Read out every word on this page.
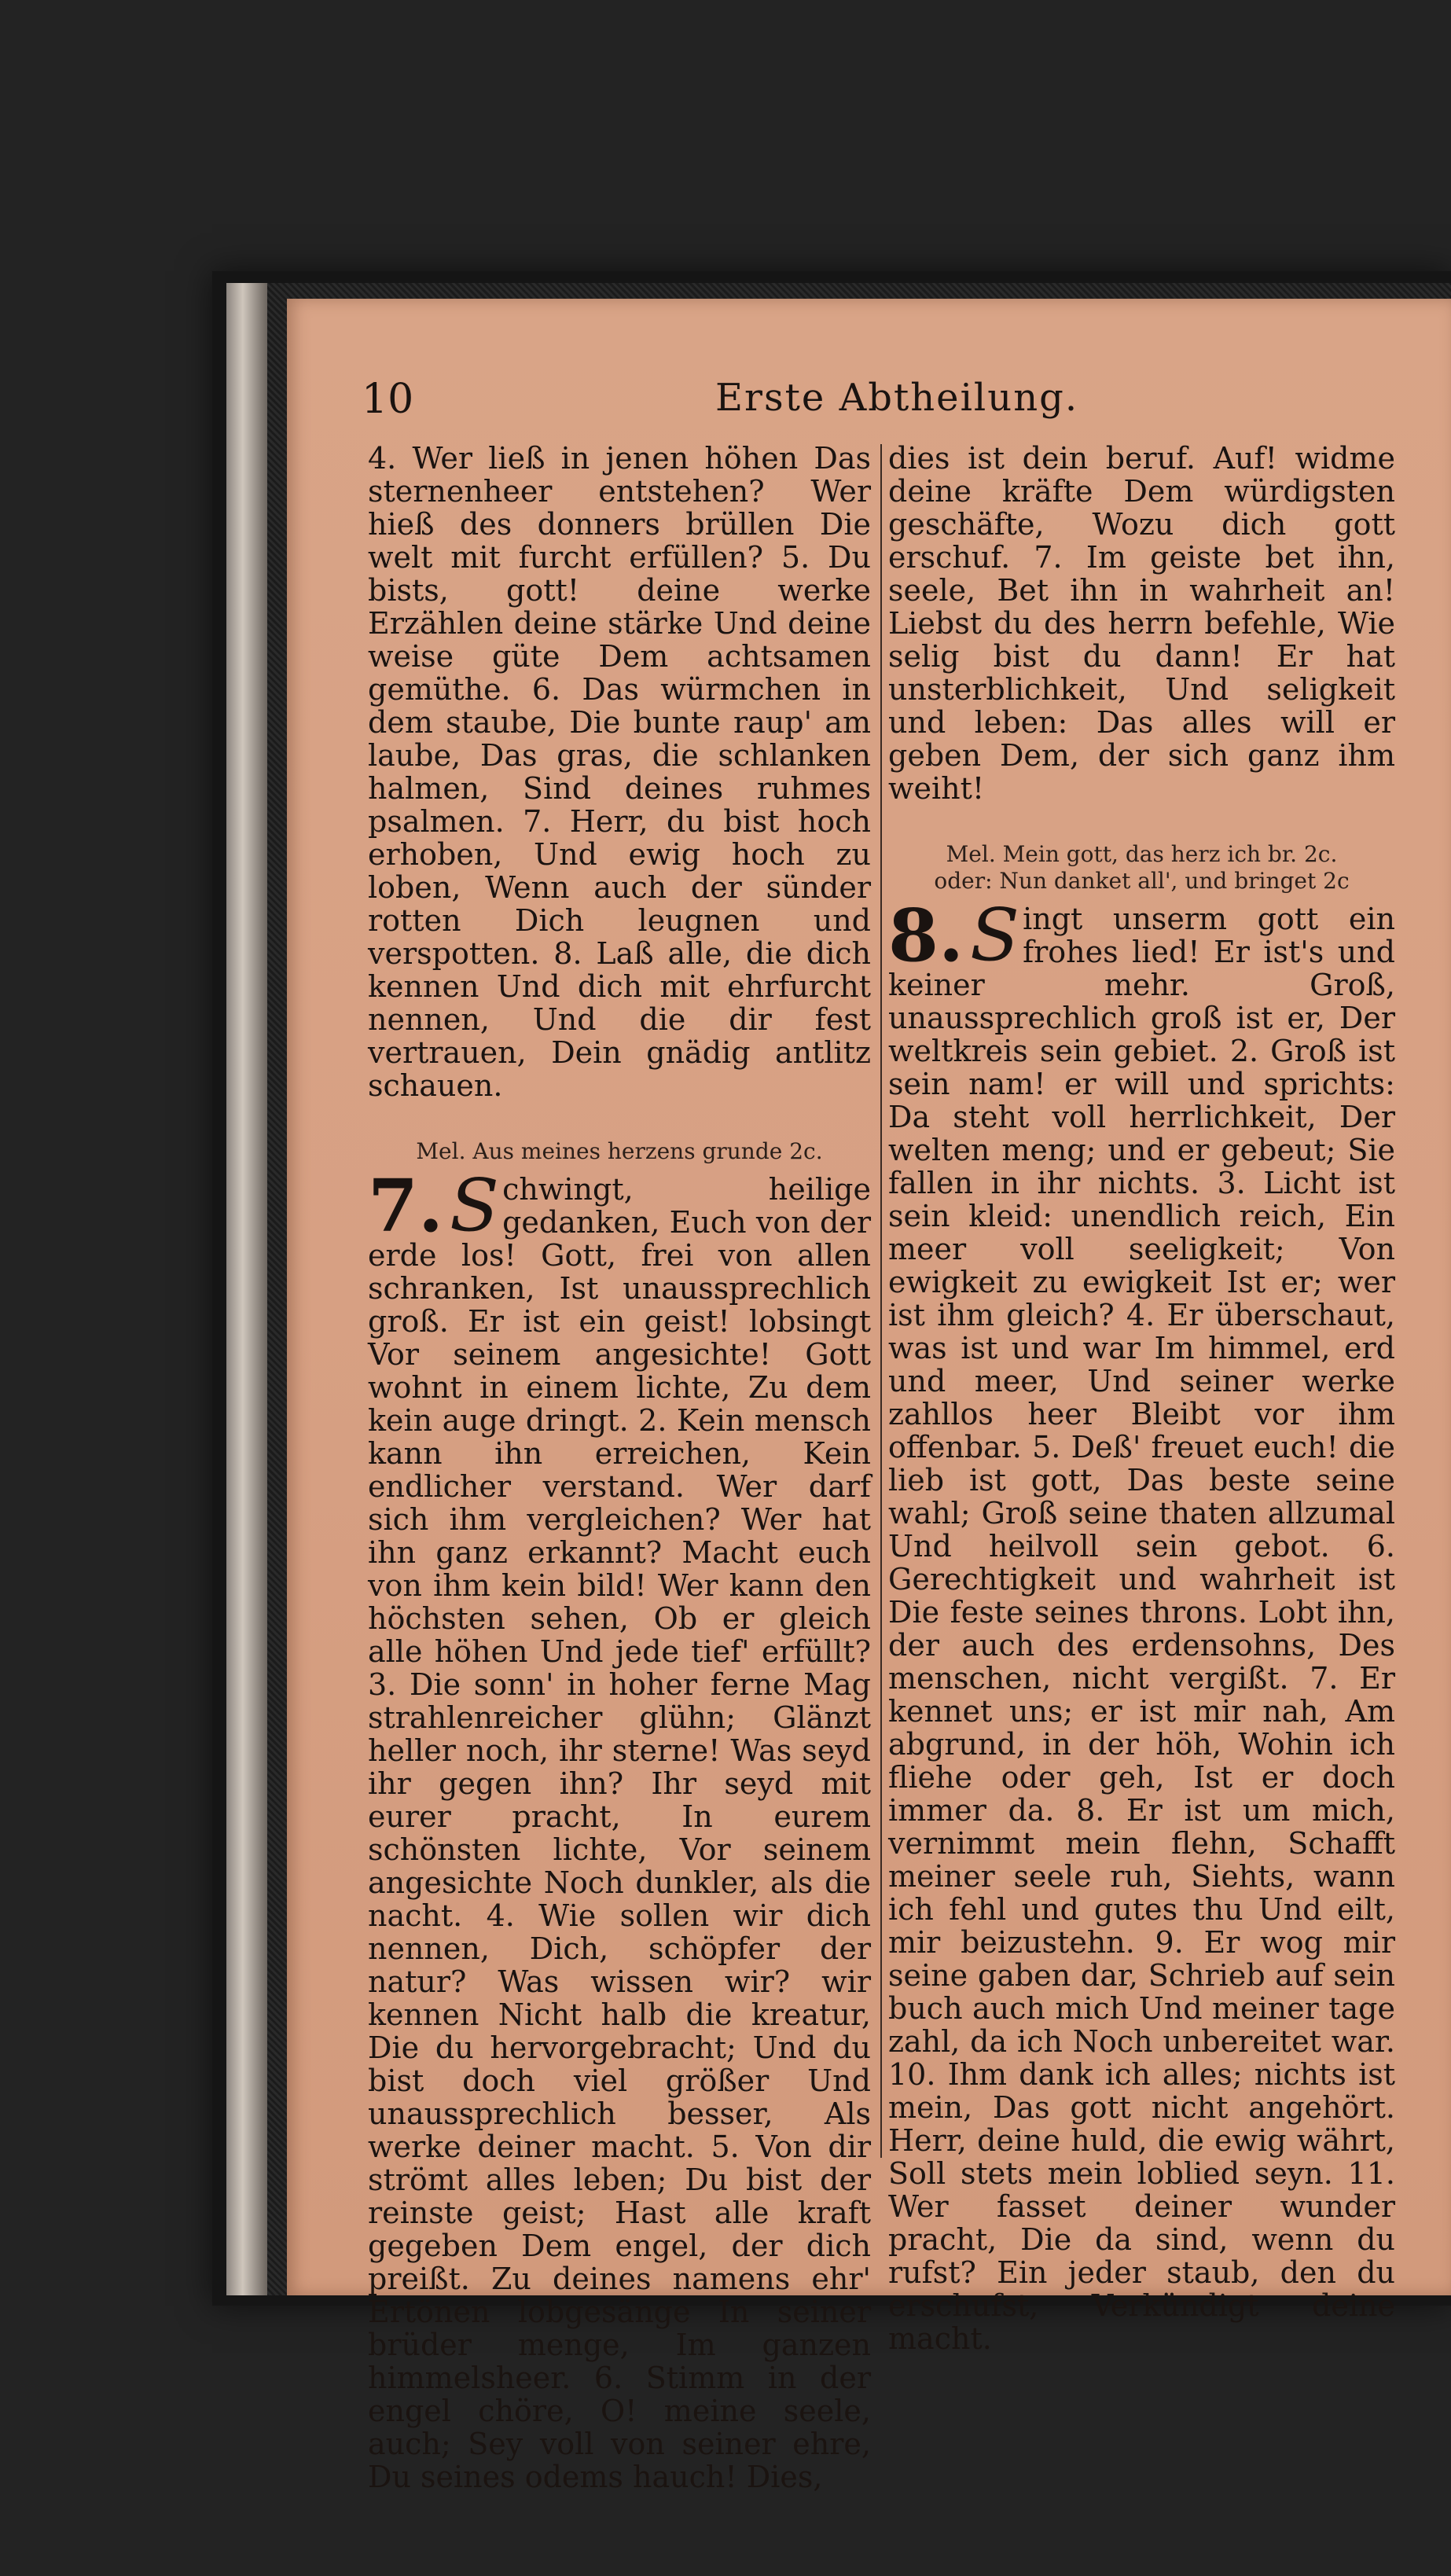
10	Erste Abtheilung.
4. Wer ließ in jenen höhen Das sternenheer entstehen? Wer hieß des donners brüllen Die welt mit furcht erfüllen? 5. Du bists, gott! deine werke Erzählen deine stärke Und deine weise güte Dem achtsamen gemüthe. 6. Das würmchen in dem staube, Die bunte raup' am laube, Das gras, die schlanken halmen, Sind deines ruhmes psalmen. 7. Herr, du bist hoch erhoben, Und ewig hoch zu loben, Wenn auch der sünder rotten Dich leugnen und verspotten. 8. Laß alle, die dich kennen Und dich mit ehrfurcht nennen, Und die dir fest vertrauen, Dein gnädig antlitz schauen.
Mel. Aus meines herzens grunde 2c.
7. S chwingt, heilige gedanken, Euch von der erde los! Gott, frei von allen schranken, Ist unaussprechlich groß. Er ist ein geist! lobsingt Vor seinem angesichte! Gott wohnt in einem lichte, Zu dem kein auge dringt. 2. Kein mensch kann ihn erreichen, Kein endlicher verstand. Wer darf sich ihm vergleichen? Wer hat ihn ganz erkannt? Macht euch von ihm kein bild! Wer kann den höchsten sehen, Ob er gleich alle höhen Und jede tief' erfüllt? 3. Die sonn' in hoher ferne Mag strahlenreicher glühn; Glänzt heller noch, ihr sterne! Was seyd ihr gegen ihn? Ihr seyd mit eurer pracht, In eurem schönsten lichte, Vor seinem angesichte Noch dunkler, als die nacht. 4. Wie sollen wir dich nennen, Dich, schöpfer der natur? Was wissen wir? wir kennen Nicht halb die kreatur, Die du hervorgebracht; Und du bist doch viel größer Und unaussprechlich besser, Als werke deiner macht. 5. Von dir strömt alles leben; Du bist der reinste geist; Hast alle kraft gegeben Dem engel, der dich preißt. Zu deines namens ehr' Ertönen lobgesänge In seiner brüder menge, Im ganzen himmelsheer. 6. Stimm in der engel chöre, O! meine seele, auch; Sey voll von seiner ehre, Du seines odems hauch! Dies,
dies ist dein beruf. Auf! widme deine kräfte Dem würdigsten geschäfte, Wozu dich gott erschuf. 7. Im geiste bet ihn, seele, Bet ihn in wahrheit an! Liebst du des herrn befehle, Wie selig bist du dann! Er hat unsterblichkeit, Und seligkeit und leben: Das alles will er geben Dem, der sich ganz ihm weiht!
Mel. Mein gott, das herz ich br. 2c.
oder: Nun danket all', und bringet 2c
8. S ingt unserm gott ein frohes lied! Er ist's und keiner mehr. Groß, unaussprechlich groß ist er, Der weltkreis sein gebiet. 2. Groß ist sein nam! er will und sprichts: Da steht voll herrlichkeit, Der welten meng; und er gebeut; Sie fallen in ihr nichts. 3. Licht ist sein kleid: unendlich reich, Ein meer voll seeligkeit; Von ewigkeit zu ewigkeit Ist er; wer ist ihm gleich? 4. Er überschaut, was ist und war Im himmel, erd und meer, Und seiner werke zahllos heer Bleibt vor ihm offenbar. 5. Deß' freuet euch! die lieb ist gott, Das beste seine wahl; Groß seine thaten allzumal Und heilvoll sein gebot. 6. Gerechtigkeit und wahrheit ist Die feste seines throns. Lobt ihn, der auch des erdensohns, Des menschen, nicht vergißt. 7. Er kennet uns; er ist mir nah, Am abgrund, in der höh, Wohin ich fliehe oder geh, Ist er doch immer da. 8. Er ist um mich, vernimmt mein flehn, Schafft meiner seele ruh, Siehts, wann ich fehl und gutes thu Und eilt, mir beizustehn. 9. Er wog mir seine gaben dar, Schrieb auf sein buch auch mich Und meiner tage zahl, da ich Noch unbereitet war. 10. Ihm dank ich alles; nichts ist mein, Das gott nicht angehört. Herr, deine huld, die ewig währt, Soll stets mein loblied seyn. 11. Wer fasset deiner wunder pracht, Die da sind, wenn du rufst? Ein jeder staub, den du erschufst, Verkündigt deine macht.
